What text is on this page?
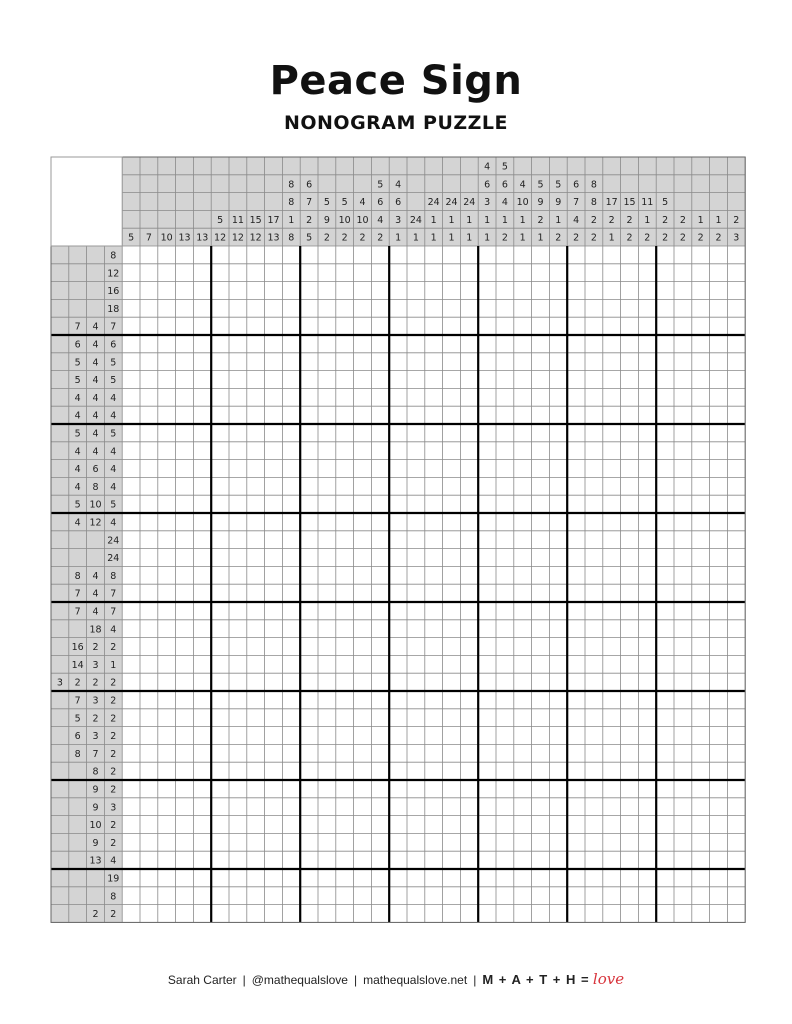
Peace Sign
NONOGRAM PUZZLE
5 7 10 13 13
5
12
11
12
15
12
17
13
8
8
1
8
6
7
2
5
5
9
2
5
10
2
4
10
2
5
6
4
2
4
6
3
1
24
1
24
1
1
24
1
1
24
1
1
4
6
3
1
1
5
6
4
1
2
4
10
1
1
5
9
2
1
5
9
1
2
6
7
4
2
8
8
2
2
17
2
1
15
2
2
11
1
2
5
2
2
2
2
1
2
1
2
2
3
8
12
16
18
7 4 7
6 4 6
5 4 5
5 4 5
4 4 4
4 4 4
5 4 5
4 4 4
4 6 4
4 8 4
5 10 5
4 12 4
24
24
8 4 8
7 4 7
7 4 7
18 4
16 2 2
14 3 1
3 2 2 2
7 3 2
5 2 2
6 3 2
8 7 2
8 2
9 2
9 3
10 2
9 2
13 4
19
8
2 2
Sarah Carter | @mathequalslove | mathequalslove.net | M + A + T + H = love
